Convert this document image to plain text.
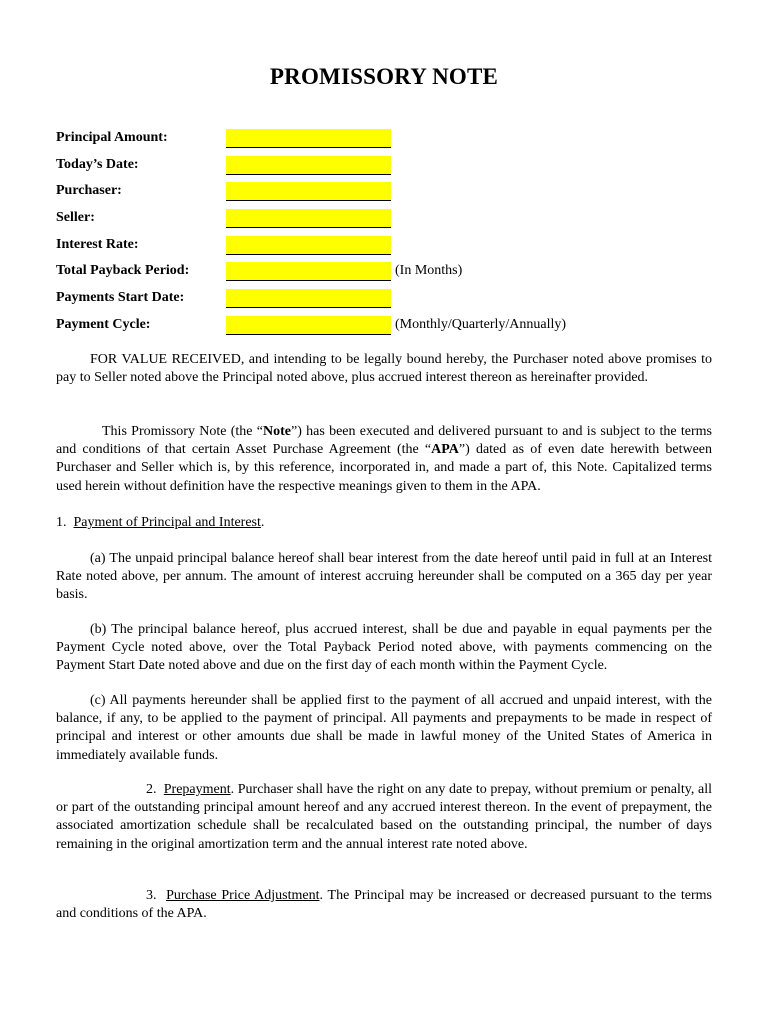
PROMISSORY NOTE
Principal Amount:
Today’s Date:
Purchaser:
Seller:
Interest Rate:
Total Payback Period:	(In Months)
Payments Start Date:
Payment Cycle:	(Monthly/Quarterly/Annually)

FOR VALUE RECEIVED, and intending to be legally bound hereby, the Purchaser noted above promises to pay to Seller noted above the Principal noted above, plus accrued interest thereon as hereinafter provided.

This Promissory Note (the “Note”) has been executed and delivered pursuant to and is subject to the terms and conditions of that certain Asset Purchase Agreement (the “APA”) dated as of even date herewith between Purchaser and Seller which is, by this reference, incorporated in, and made a part of, this Note. Capitalized terms used herein without definition have the respective meanings given to them in the APA.

1. Payment of Principal and Interest.

(a) The unpaid principal balance hereof shall bear interest from the date hereof until paid in full at an Interest Rate noted above, per annum. The amount of interest accruing hereunder shall be computed on a 365 day per year basis.

(b) The principal balance hereof, plus accrued interest, shall be due and payable in equal payments per the Payment Cycle noted above, over the Total Payback Period noted above, with payments commencing on the Payment Start Date noted above and due on the first day of each month within the Payment Cycle.

(c) All payments hereunder shall be applied first to the payment of all accrued and unpaid interest, with the balance, if any, to be applied to the payment of principal. All payments and prepayments to be made in respect of principal and interest or other amounts due shall be made in lawful money of the United States of America in immediately available funds.

2. Prepayment. Purchaser shall have the right on any date to prepay, without premium or penalty, all or part of the outstanding principal amount hereof and any accrued interest thereon. In the event of prepayment, the associated amortization schedule shall be recalculated based on the outstanding principal, the number of days remaining in the original amortization term and the annual interest rate noted above.

3. Purchase Price Adjustment. The Principal may be increased or decreased pursuant to the terms and conditions of the APA.
